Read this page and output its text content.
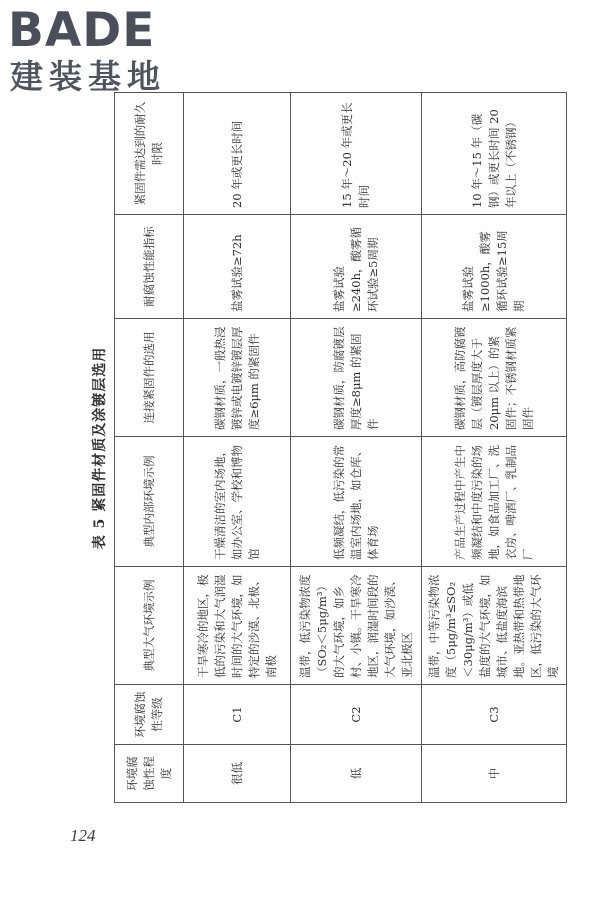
BADE
建装基地
表 5 紧固件材质及涂镀层选用
环境腐蚀性程度	环境腐蚀性等级	典型大气环境示例	典型内部环境示例	连接紧固件的选用	耐腐蚀性能指标	紧固件需达到的耐久时限
很低	C1	干旱寒冷的地区，极低的污染和大气润湿时间的大气环境，如特定的沙漠、北极、南极	干燥清洁的室内场地，如办公室、学校和博物馆	碳钢材质，一般热浸镀锌或电镀锌镀层厚度≥6μm 的紧固件	盐雾试验≥72h	20 年或更长时间
低	C2	温带，低污染物浓度（SO₂＜5μg/m³）的大气环境，如乡村、小镇。干旱寒冷地区，润湿时间段的大气环境，如沙漠、亚北极区	低频凝结，低污染的常温室内场地，如仓库、体育场	碳钢材质，防腐镀层厚度≥8μm 的紧固件	盐雾试验≥240h，酸雾循环试验≥5周期	15 年～20 年或更长时间
中	C3	温带，中等污染物浓度（5μg/m³≤SO₂＜30μg/m³）或低盐度的大气环境，如城市、低盐度海滨地。亚热带和热带地区，低污染的大气环境	产品生产过程中产生中频凝结和中度污染的场地，如食品加工厂、洗衣房、啤酒厂、乳制品厂	碳钢材质，高防腐镀层（镀层厚度大于 20μm 以上）的紧固件；不锈钢材质紧固件	盐雾试验≥1000h，酸雾循环试验≥15周期	10 年～15 年（碳钢）或更长时间 20 年以上（不锈钢）
124
